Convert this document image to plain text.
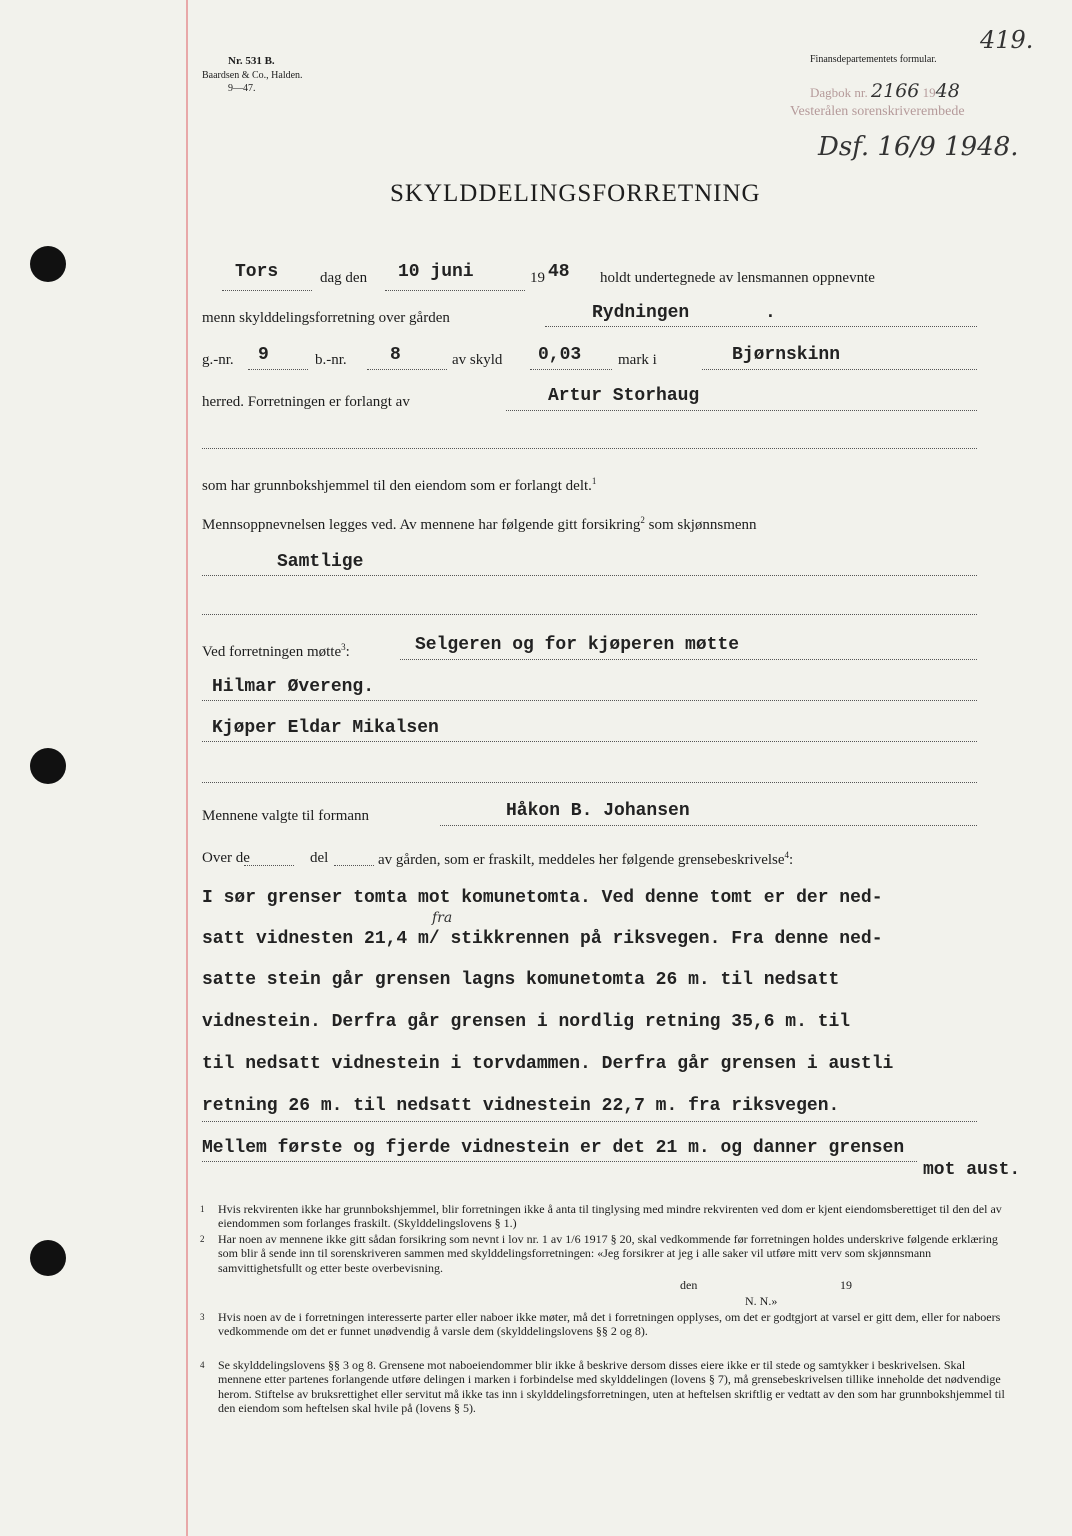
419.
Nr. 531 B.
Baardsen & Co., Halden.
9—47.
Finansdepartementets formular.
Dagbok nr. 2166 1948
Vesterålen sorenskriverembede
Dsf. 16/9 1948.
SKYLDDELINGSFORRETNING
Tors	dag den 10 juni	19 48 holdt undertegnede av lensmannen oppnevnte
menn skylddelingsforretning over gården	Rydningen	.
g.-nr. 9	b.-nr. 8	av skyld 0,03 mark i	Bjørnskinn
herred. Forretningen er forlangt av	Artur Storhaug
som har grunnbokshjemmel til den eiendom som er forlangt delt.$^1$
Mennsoppnevnelsen legges ved. Av mennene har følgende gitt forsikring$^2$ som skjønnsmenn
Samtlige
Ved forretningen møtte$^3$:	Selgeren og for kjøperen møtte
Hilmar Øvereng.
Kjøper Eldar Mikalsen
Mennene valgte til formann	Håkon B. Johansen
Over de	del	av gården, som er fraskilt, meddeles her følgende grensebeskrivelse$^4$:
I sør grenser tomta mot komunetomta. Ved denne tomt er der ned-
satt vidnesten 21,4 m/ stikkrennen på riksvegen. Fra denne ned-
fra
satte stein går grensen lagns komunetomta 26 m. til nedsatt
vidnestein. Derfra går grensen i nordlig retning 35,6 m. til
til nedsatt vidnestein i torvdammen. Derfra går grensen i austli
retning 26 m. til nedsatt vidnestein 22,7 m. fra riksvegen.
Mellem første og fjerde vidnestein er det 21 m. og danner grensen
mot aust.
1 Hvis rekvirenten ikke har grunnbokshjemmel, blir forretningen ikke å anta til tinglysing med mindre rekvirenten ved dom er kjent eiendomsberettiget til den del av eiendommen som forlanges fraskilt. (Skylddelingslovens § 1.)
2 Har noen av mennene ikke gitt sådan forsikring som nevnt i lov nr. 1 av 1/6 1917 § 20, skal vedkommende før forretningen holdes underskrive følgende erklæring som blir å sende inn til sorenskriveren sammen med skylddelingsforretningen: «Jeg forsikrer at jeg i alle saker vil utføre mitt verv som skjønnsmann samvittighetsfullt og etter beste overbevisning.
den	19
N. N.»
3 Hvis noen av de i forretningen interesserte parter eller naboer ikke møter, må det i forretningen opplyses, om det er godtgjort at varsel er gitt dem, eller for naboers vedkommende om det er funnet unødvendig å varsle dem (skylddelingslovens §§ 2 og 8).
4 Se skylddelingslovens §§ 3 og 8. Grensene mot naboeiendommer blir ikke å beskrive dersom disses eiere ikke er til stede og samtykker i beskrivelsen. Skal mennene etter partenes forlangende utføre delingen i marken i forbindelse med skylddelingen (lovens § 7), må grensebeskrivelsen tillike inneholde det nødvendige herom. Stiftelse av bruksrettighet eller servitut må ikke tas inn i skylddelingsforretningen, uten at heftelsen skriftlig er vedtatt av den som har grunnbokshjemmel til den eiendom som heftelsen skal hvile på (lovens § 5).
